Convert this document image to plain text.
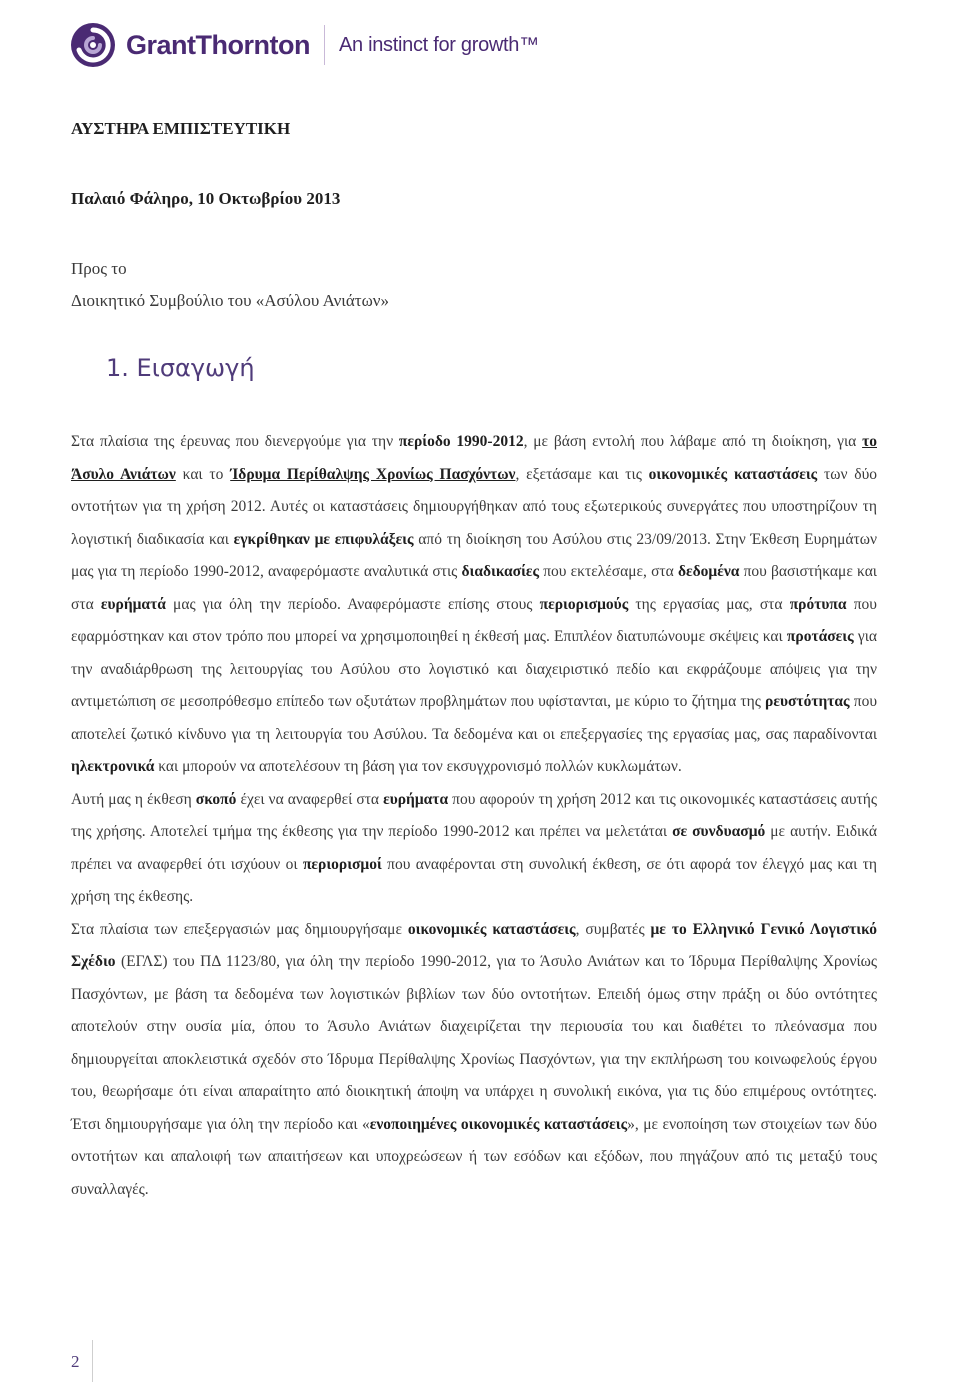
GrantThornton An instinct for growth™
ΑΥΣΤΗΡΑ ΕΜΠΙΣΤΕΥΤΙΚΗ
Παλαιό Φάληρο, 10 Οκτωβρίου 2013
Προς το
Διοικητικό Συμβούλιο του «Ασύλου Ανιάτων»
1. Εισαγωγή

Στα πλαίσια της έρευνας που διενεργούμε για την περίοδο 1990-2012, με βάση εντολή που λάβαμε από τη διοίκηση, για το Άσυλο Ανιάτων και το Ίδρυμα Περίθαλψης Χρονίως Πασχόντων, εξετάσαμε και τις οικονομικές καταστάσεις των δύο οντοτήτων για τη χρήση 2012. Αυτές οι καταστάσεις δημιουργήθηκαν από τους εξωτερικούς συνεργάτες που υποστηρίζουν τη λογιστική διαδικασία και εγκρίθηκαν με επιφυλάξεις από τη διοίκηση του Ασύλου στις 23/09/2013. Στην Έκθεση Ευρημάτων μας για τη περίοδο 1990-2012, αναφερόμαστε αναλυτικά στις διαδικασίες που εκτελέσαμε, στα δεδομένα που βασιστήκαμε και στα ευρήματά μας για όλη την περίοδο. Αναφερόμαστε επίσης στους περιορισμούς της εργασίας μας, στα πρότυπα που εφαρμόστηκαν και στον τρόπο που μπορεί να χρησιμοποιηθεί η έκθεσή μας. Επιπλέον διατυπώνουμε σκέψεις και προτάσεις για την αναδιάρθρωση της λειτουργίας του Ασύλου στο λογιστικό και διαχειριστικό πεδίο και εκφράζουμε απόψεις για την αντιμετώπιση σε μεσοπρόθεσμο επίπεδο των οξυτάτων προβλημάτων που υφίστανται, με κύριο το ζήτημα της ρευστότητας που αποτελεί ζωτικό κίνδυνο για τη λειτουργία του Ασύλου. Τα δεδομένα και οι επεξεργασίες της εργασίας μας, σας παραδίνονται ηλεκτρονικά και μπορούν να αποτελέσουν τη βάση για τον εκσυγχρονισμό πολλών κυκλωμάτων.

Αυτή μας η έκθεση σκοπό έχει να αναφερθεί στα ευρήματα που αφορούν τη χρήση 2012 και τις οικονομικές καταστάσεις αυτής της χρήσης. Αποτελεί τμήμα της έκθεσης για την περίοδο 1990-2012 και πρέπει να μελετάται σε συνδυασμό με αυτήν. Ειδικά πρέπει να αναφερθεί ότι ισχύουν οι περιορισμοί που αναφέρονται στη συνολική έκθεση, σε ότι αφορά τον έλεγχό μας και τη χρήση της έκθεσης.

Στα πλαίσια των επεξεργασιών μας δημιουργήσαμε οικονομικές καταστάσεις, συμβατές με το Ελληνικό Γενικό Λογιστικό Σχέδιο (ΕΓΛΣ) του ΠΔ 1123/80, για όλη την περίοδο 1990-2012, για το Άσυλο Ανιάτων και το Ίδρυμα Περίθαλψης Χρονίως Πασχόντων, με βάση τα δεδομένα των λογιστικών βιβλίων των δύο οντοτήτων. Επειδή όμως στην πράξη οι δύο οντότητες αποτελούν στην ουσία μία, όπου το Άσυλο Ανιάτων διαχειρίζεται την περιουσία του και διαθέτει το πλεόνασμα που δημιουργείται αποκλειστικά σχεδόν στο Ίδρυμα Περίθαλψης Χρονίως Πασχόντων, για την εκπλήρωση του κοινωφελούς έργου του, θεωρήσαμε ότι είναι απαραίτητο από διοικητική άποψη να υπάρχει η συνολική εικόνα, για τις δύο επιμέρους οντότητες. Έτσι δημιουργήσαμε για όλη την περίοδο και «ενοποιημένες οικονομικές καταστάσεις», με ενοποίηση των στοιχείων των δύο οντοτήτων και απαλοιφή των απαιτήσεων και υποχρεώσεων ή των εσόδων και εξόδων, που πηγάζουν από τις μεταξύ τους συναλλαγές.

2
